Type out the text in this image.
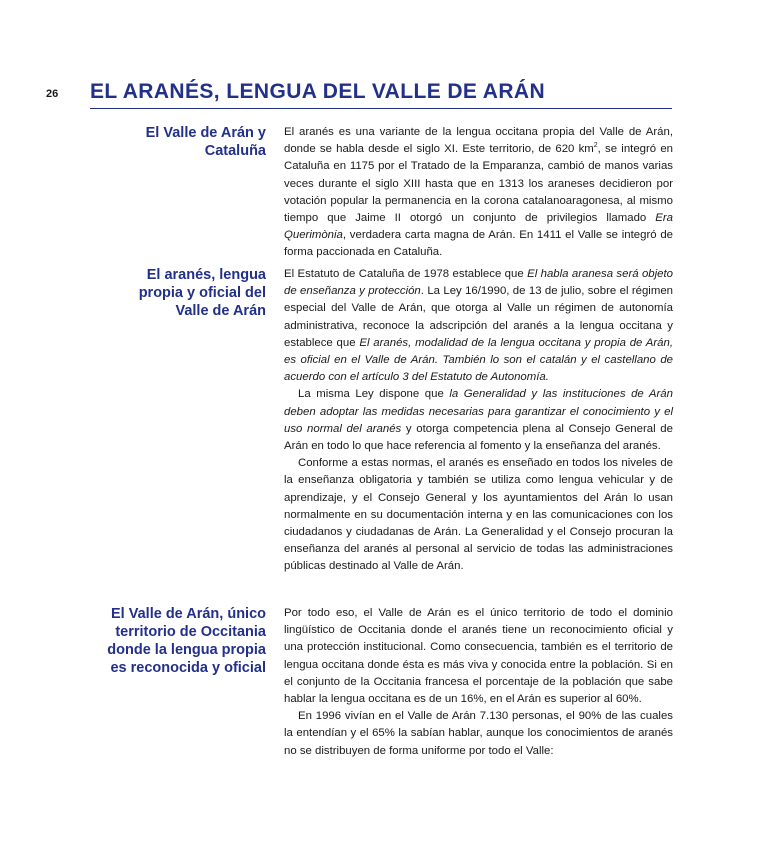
26 EL ARANÉS, LENGUA DEL VALLE DE ARÁN
El Valle de Arán y
Cataluña

El aranés es una variante de la lengua occitana propia del Valle de Arán, donde se habla desde el siglo XI. Este territorio, de 620 $km^2$, se integró en Cataluña en 1175 por el Tratado de la Emparanza, cambió de manos varias veces durante el siglo XIII hasta que en 1313 los araneses decidieron por votación popular la permanencia en la corona catalanoaragonesa, al mismo tiempo que Jaime II otorgó un conjunto de privilegios llamado Era Querimònia, verdadera carta magna de Arán. En 1411 el Valle se integró de forma paccionada en Cataluña.

El aranés, lengua
propia y oficial del
Valle de Arán

El Estatuto de Cataluña de 1978 establece que El habla aranesa será objeto de enseñanza y protección. La Ley 16/1990, de 13 de julio, sobre el régimen especial del Valle de Arán, que otorga al Valle un régimen de autonomía administrativa, reconoce la adscripción del aranés a la lengua occitana y establece que El aranés, modalidad de la lengua occitana y propia de Arán, es oficial en el Valle de Arán. También lo son el catalán y el castellano de acuerdo con el artículo 3 del Estatuto de Autonomía.

La misma Ley dispone que la Generalidad y las instituciones de Arán deben adoptar las medidas necesarias para garantizar el conocimiento y el uso normal del aranés y otorga competencia plena al Consejo General de Arán en todo lo que hace referencia al fomento y la enseñanza del aranés.

Conforme a estas normas, el aranés es enseñado en todos los niveles de la enseñanza obligatoria y también se utiliza como lengua vehicular y de aprendizaje, y el Consejo General y los ayuntamientos del Arán lo usan normalmente en su documentación interna y en las comunicaciones con los ciudadanos y ciudadanas de Arán. La Generalidad y el Consejo procuran la enseñanza del aranés al personal al servicio de todas las administraciones públicas destinado al Valle de Arán.

El Valle de Arán, único
territorio de Occitania
donde la lengua propia
es reconocida y oficial

Por todo eso, el Valle de Arán es el único territorio de todo el dominio lingüístico de Occitania donde el aranés tiene un reconocimiento oficial y una protección institucional. Como consecuencia, también es el territorio de lengua occitana donde ésta es más viva y conocida entre la población. Si en el conjunto de la Occitania francesa el porcentaje de la población que sabe hablar la lengua occitana es de un 16%, en el Arán es superior al 60%.

En 1996 vivían en el Valle de Arán 7.130 personas, el 90% de las cuales la entendían y el 65% la sabían hablar, aunque los conocimientos de aranés no se distribuyen de forma uniforme por todo el Valle:
